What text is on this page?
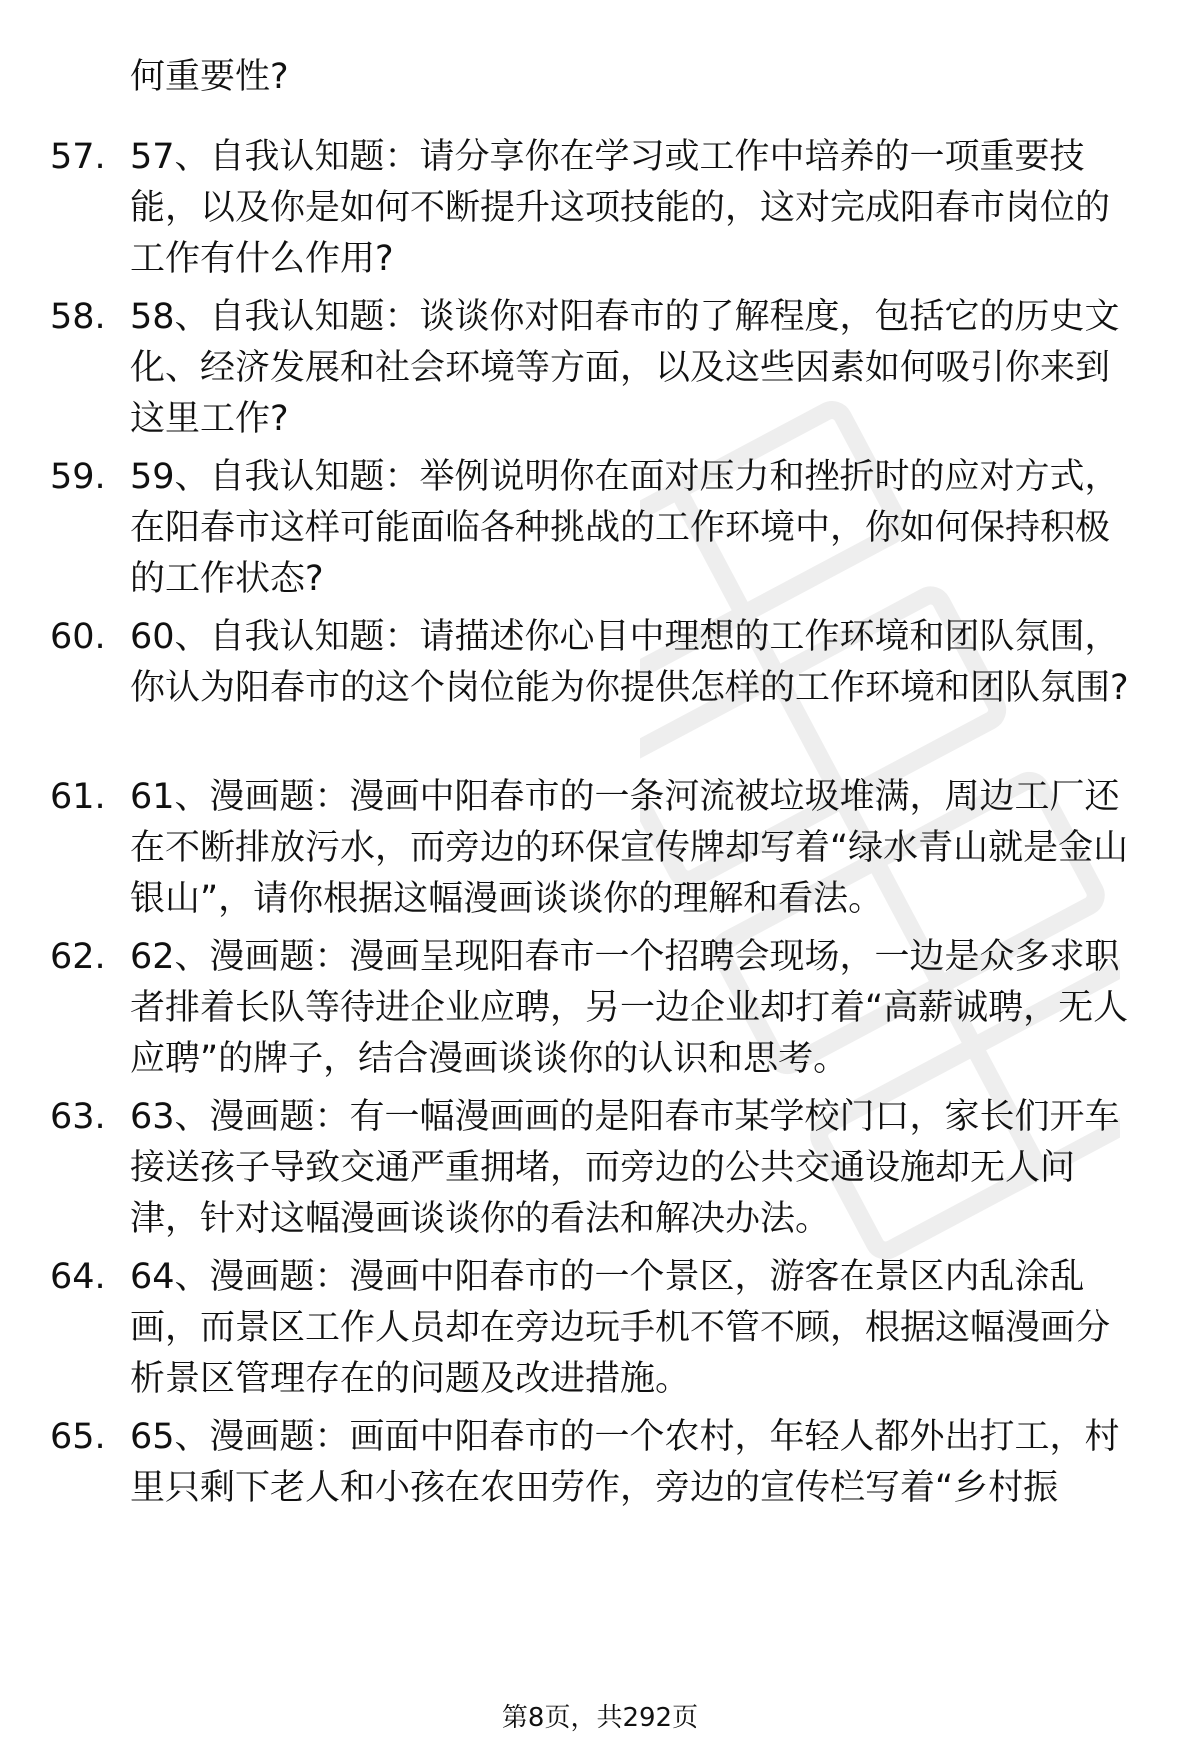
何重要性?
57. 57、自我认知题：请分享你在学习或工作中培养的一项重要技能，以及你是如何不断提升这项技能的，这对完成阳春市岗位的工作有什么作用?
58. 58、自我认知题：谈谈你对阳春市的了解程度，包括它的历史文化、经济发展和社会环境等方面，以及这些因素如何吸引你来到这里工作?
59. 59、自我认知题：举例说明你在面对压力和挫折时的应对方式，在阳春市这样可能面临各种挑战的工作环境中，你如何保持积极的工作状态?
60. 60、自我认知题：请描述你心目中理想的工作环境和团队氛围，你认为阳春市的这个岗位能为你提供怎样的工作环境和团队氛围?
61. 61、漫画题：漫画中阳春市的一条河流被垃圾堆满，周边工厂还在不断排放污水，而旁边的环保宣传牌却写着“绿水青山就是金山银山”，请你根据这幅漫画谈谈你的理解和看法。
62. 62、漫画题：漫画呈现阳春市一个招聘会现场，一边是众多求职者排着长队等待进企业应聘，另一边企业却打着“高薪诚聘，无人应聘”的牌子，结合漫画谈谈你的认识和思考。
63. 63、漫画题：有一幅漫画画的是阳春市某学校门口，家长们开车接送孩子导致交通严重拥堵，而旁边的公共交通设施却无人问津，针对这幅漫画谈谈你的看法和解决办法。
64. 64、漫画题：漫画中阳春市的一个景区，游客在景区内乱涂乱画，而景区工作人员却在旁边玩手机不管不顾，根据这幅漫画分析景区管理存在的问题及改进措施。
65. 65、漫画题：画面中阳春市的一个农村，年轻人都外出打工，村里只剩下老人和小孩在农田劳作，旁边的宣传栏写着“乡村振
第8页，共292页
